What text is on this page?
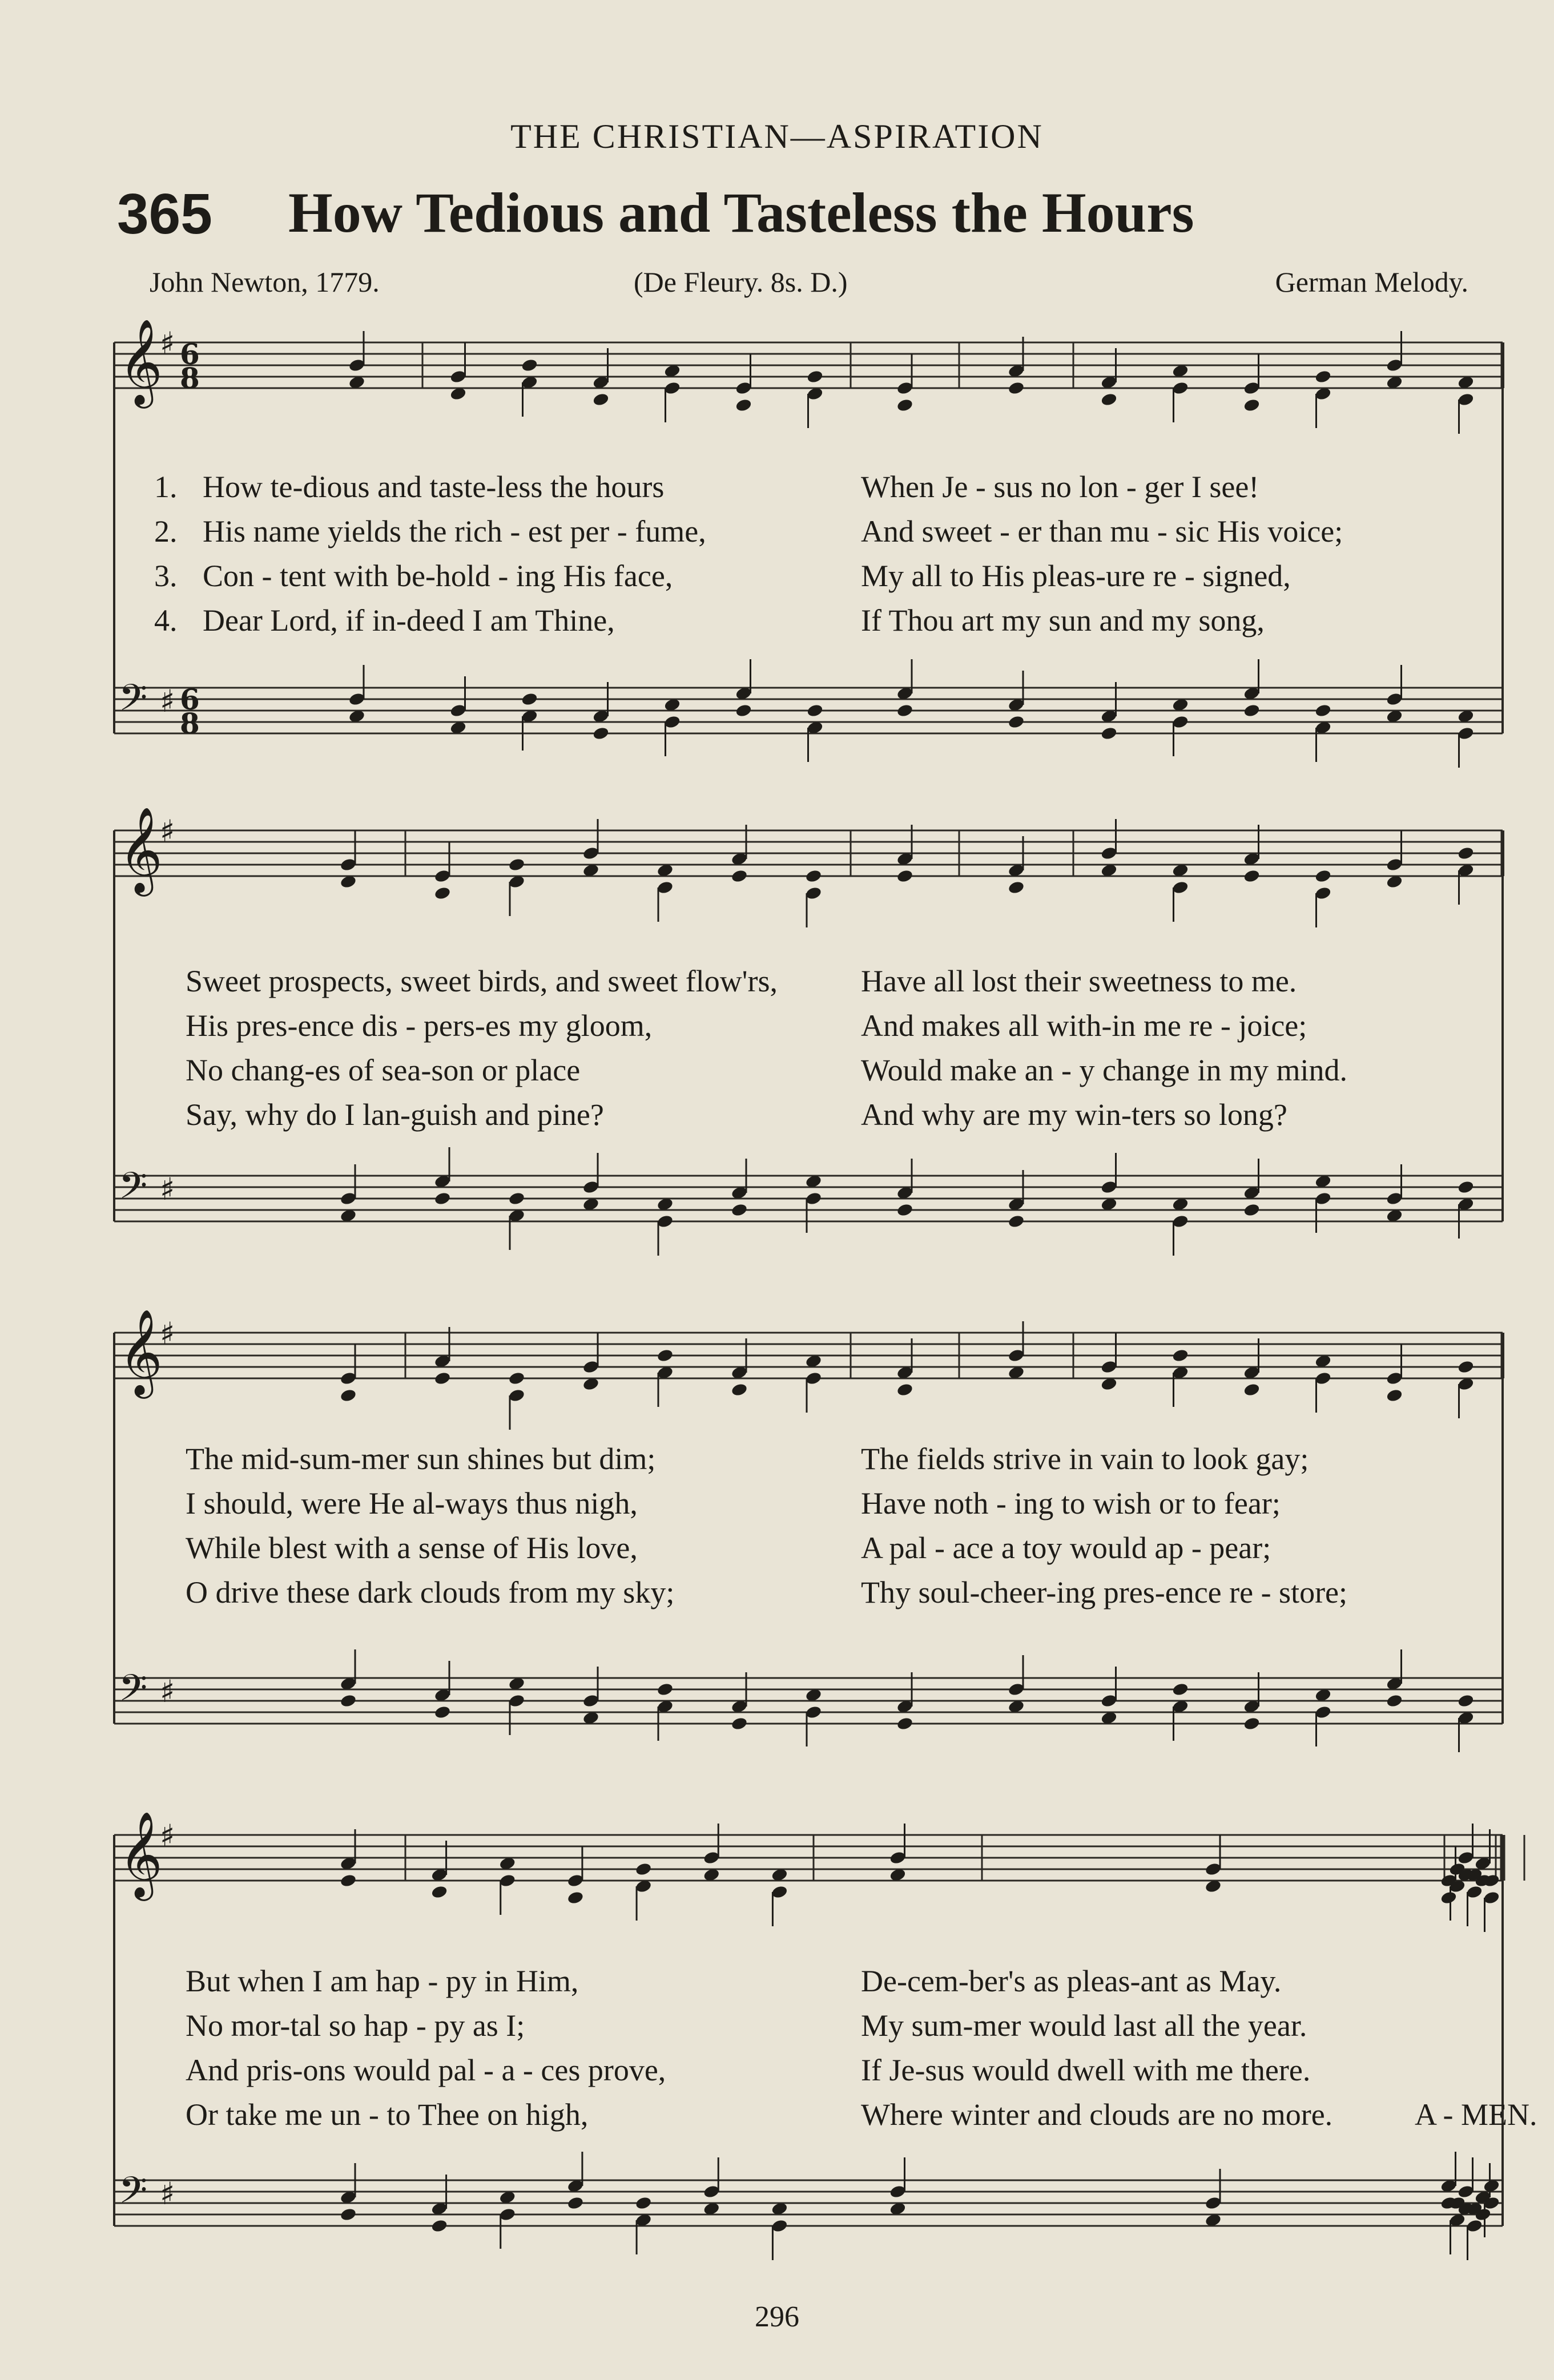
THE CHRISTIAN—ASPIRATION
365 How Tedious and Tasteless the Hours
John Newton, 1779.	(De Fleury. 8s. D.)	German Melody.
𝄞
𝄢
♯
♯
6
8
6
8
𝄞
𝄢
♯
♯
𝄞
𝄢
♯
♯
𝄞
𝄢
♯
♯
1. How te-dious and taste-less the hours	When Je - sus no lon - ger I see!
2. His name yields the rich - est per - fume,	And sweet - er than mu - sic His voice;
3. Con - tent with be-hold - ing His face,	My all to His pleas-ure re - signed,
4. Dear Lord, if in-deed I am Thine,	If Thou art my sun and my song,
Sweet prospects, sweet birds, and sweet flow'rs,	Have all lost their sweetness to me.
His pres-ence dis - pers-es my gloom,	And makes all with-in me re - joice;
No chang-es of sea-son or place	Would make an - y change in my mind.
Say, why do I lan-guish and pine?	And why are my win-ters so long?
The mid-sum-mer sun shines but dim;	The fields strive in vain to look gay;
I should, were He al-ways thus nigh,	Have noth - ing to wish or to fear;
While blest with a sense of His love,	A pal - ace a toy would ap - pear;
O drive these dark clouds from my sky;	Thy soul-cheer-ing pres-ence re - store;
But when I am hap - py in Him,	De-cem-ber's as pleas-ant as May.
No mor-tal so hap - py as I;	My sum-mer would last all the year.
And pris-ons would pal - a - ces prove,	If Je-sus would dwell with me there.
Or take me un - to Thee on high,	Where winter and clouds are no more.	A - MEN.
296
